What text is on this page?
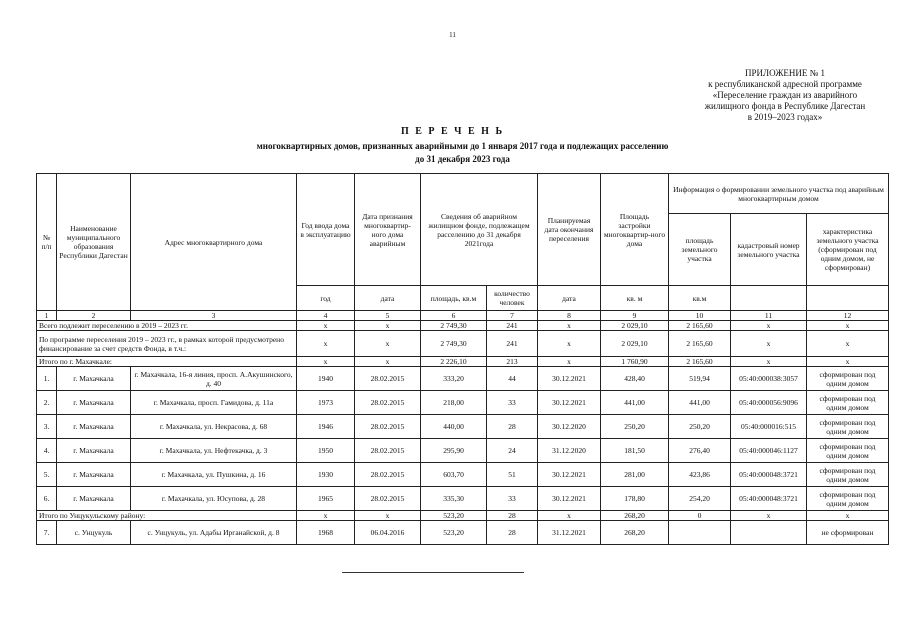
11
ПРИЛОЖЕНИЕ № 1
к республиканской адресной программе
«Переселение граждан из аварийного
жилищного фонда в Республике Дагестан
в 2019–2023 годах»
П Е Р Е Ч Е Н Ь
многоквартирных домов, признанных аварийными до 1 января 2017 года и подлежащих расселению
до 31 декабря 2023 года
№ п/п	Наименование муниципального образования Республики Дагестан	Адрес многоквартирного дома	Год ввода дома в эксплуатацию	Дата признания многоквартир-ного дома аварийным	Сведения об аварийном жилищном фонде, подлежащем расселению до 31 декабря 2021года		Планируемая дата окончания переселения	Площадь застройки многоквартир-ного дома	Информация о формировании земельного участка под аварийным многоквартирным домом		
									площадь земельного участка	кадастровый номер земельного участка	характеристика земельного участка (сформирован под одним домом, не сформирован)
			год	дата	площадь, кв.м	количество человек	дата	кв. м	кв.м		
1	2	3	4	5	6	7	8	9	10	11	12
Всего подлежит переселению в 2019 – 2023 гг.			x	x	2 749,30	241	x	2 029,10	2 165,60	x	x
По программе переселения 2019 – 2023 гг., в рамках которой предусмотрено финансирование за счет средств Фонда, в т.ч.:			x	x	2 749,30	241	x	2 029,10	2 165,60	x	x
Итого по г. Махачкале:			x	x	2 226,10	213	x	1 760,90	2 165,60	x	x
1.	г. Махачкала	г. Махачкала, 16-я линия, просп. А.Акушинского, д. 40	1940	28.02.2015	333,20	44	30.12.2021	428,40	519,94	05:40:000038:3057	сформирован под одним домом
2.	г. Махачкала	г. Махачкала, просп. Гамидова, д. 11а	1973	28.02.2015	218,00	33	30.12.2021	441,00	441,00	05:40:000056:9096	сформирован под одним домом
3.	г. Махачкала	г. Махачкала, ул. Некрасова, д. 68	1946	28.02.2015	440,00	28	30.12.2020	250,20	250,20	05:40:000016:515	сформирован под одним домом
4.	г. Махачкала	г. Махачкала, ул. Нефтекачка, д. 3	1950	28.02.2015	295,90	24	31.12.2020	181,50	276,40	05:40:000046:1127	сформирован под одним домом
5.	г. Махачкала	г. Махачкала, ул. Пушкина, д. 16	1930	28.02.2015	603,70	51	30.12.2021	281,00	423,86	05:40:000048:3721	сформирован под одним домом
6.	г. Махачкала	г. Махачкала, ул. Юсупова, д. 28	1965	28.02.2015	335,30	33	30.12.2021	178,80	254,20	05:40:000048:3721	сформирован под одним домом
Итого по Унцукульскому району:			x	x	523,20	28	x	268,20	0	x	x
7.	с. Унцукуль	с. Унцукуль, ул. Адабы Ирганайской, д. 8	1968	06.04.2016	523,20	28	31.12.2021	268,20			не сформирован
